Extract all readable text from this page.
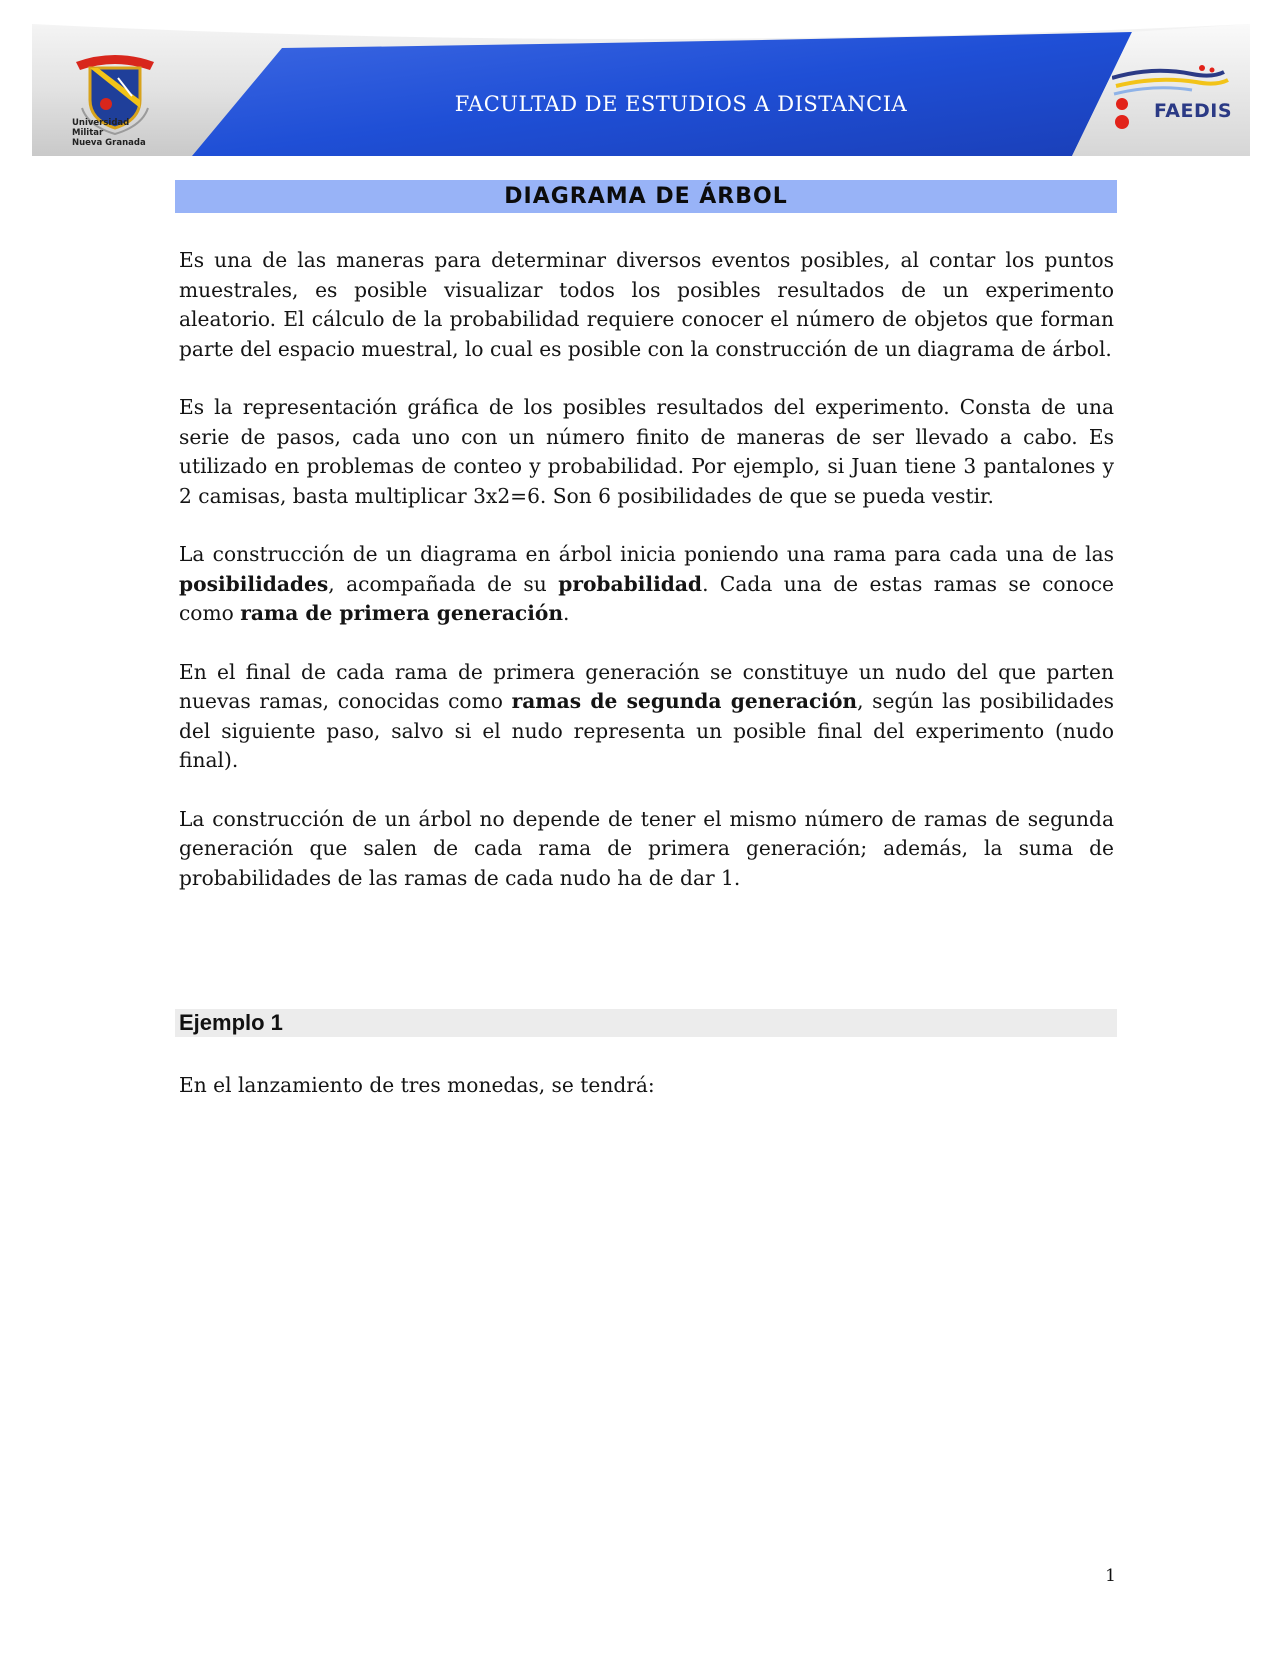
Universidad Militar
Nueva Granada
FACULTAD DE ESTUDIOS A DISTANCIA	FAEDIS
DIAGRAMA DE ÁRBOL

Es una de las maneras para determinar diversos eventos posibles, al contar los puntos muestrales, es posible visualizar todos los posibles resultados de un experimento aleatorio. El cálculo de la probabilidad requiere conocer el número de objetos que forman parte del espacio muestral, lo cual es posible con la construcción de un diagrama de árbol.

Es la representación gráfica de los posibles resultados del experimento. Consta de una serie de pasos, cada uno con un número finito de maneras de ser llevado a cabo. Es utilizado en problemas de conteo y probabilidad. Por ejemplo, si Juan tiene 3 pantalones y 2 camisas, basta multiplicar 3x2=6. Son 6 posibilidades de que se pueda vestir.

La construcción de un diagrama en árbol inicia poniendo una rama para cada una de las posibilidades, acompañada de su probabilidad. Cada una de estas ramas se conoce como rama de primera generación.

En el final de cada rama de primera generación se constituye un nudo del que parten nuevas ramas, conocidas como ramas de segunda generación, según las posibilidades del siguiente paso, salvo si el nudo representa un posible final del experimento (nudo final).

La construcción de un árbol no depende de tener el mismo número de ramas de segunda generación que salen de cada rama de primera generación; además, la suma de probabilidades de las ramas de cada nudo ha de dar 1.

Ejemplo 1
En el lanzamiento de tres monedas, se tendrá:
1
